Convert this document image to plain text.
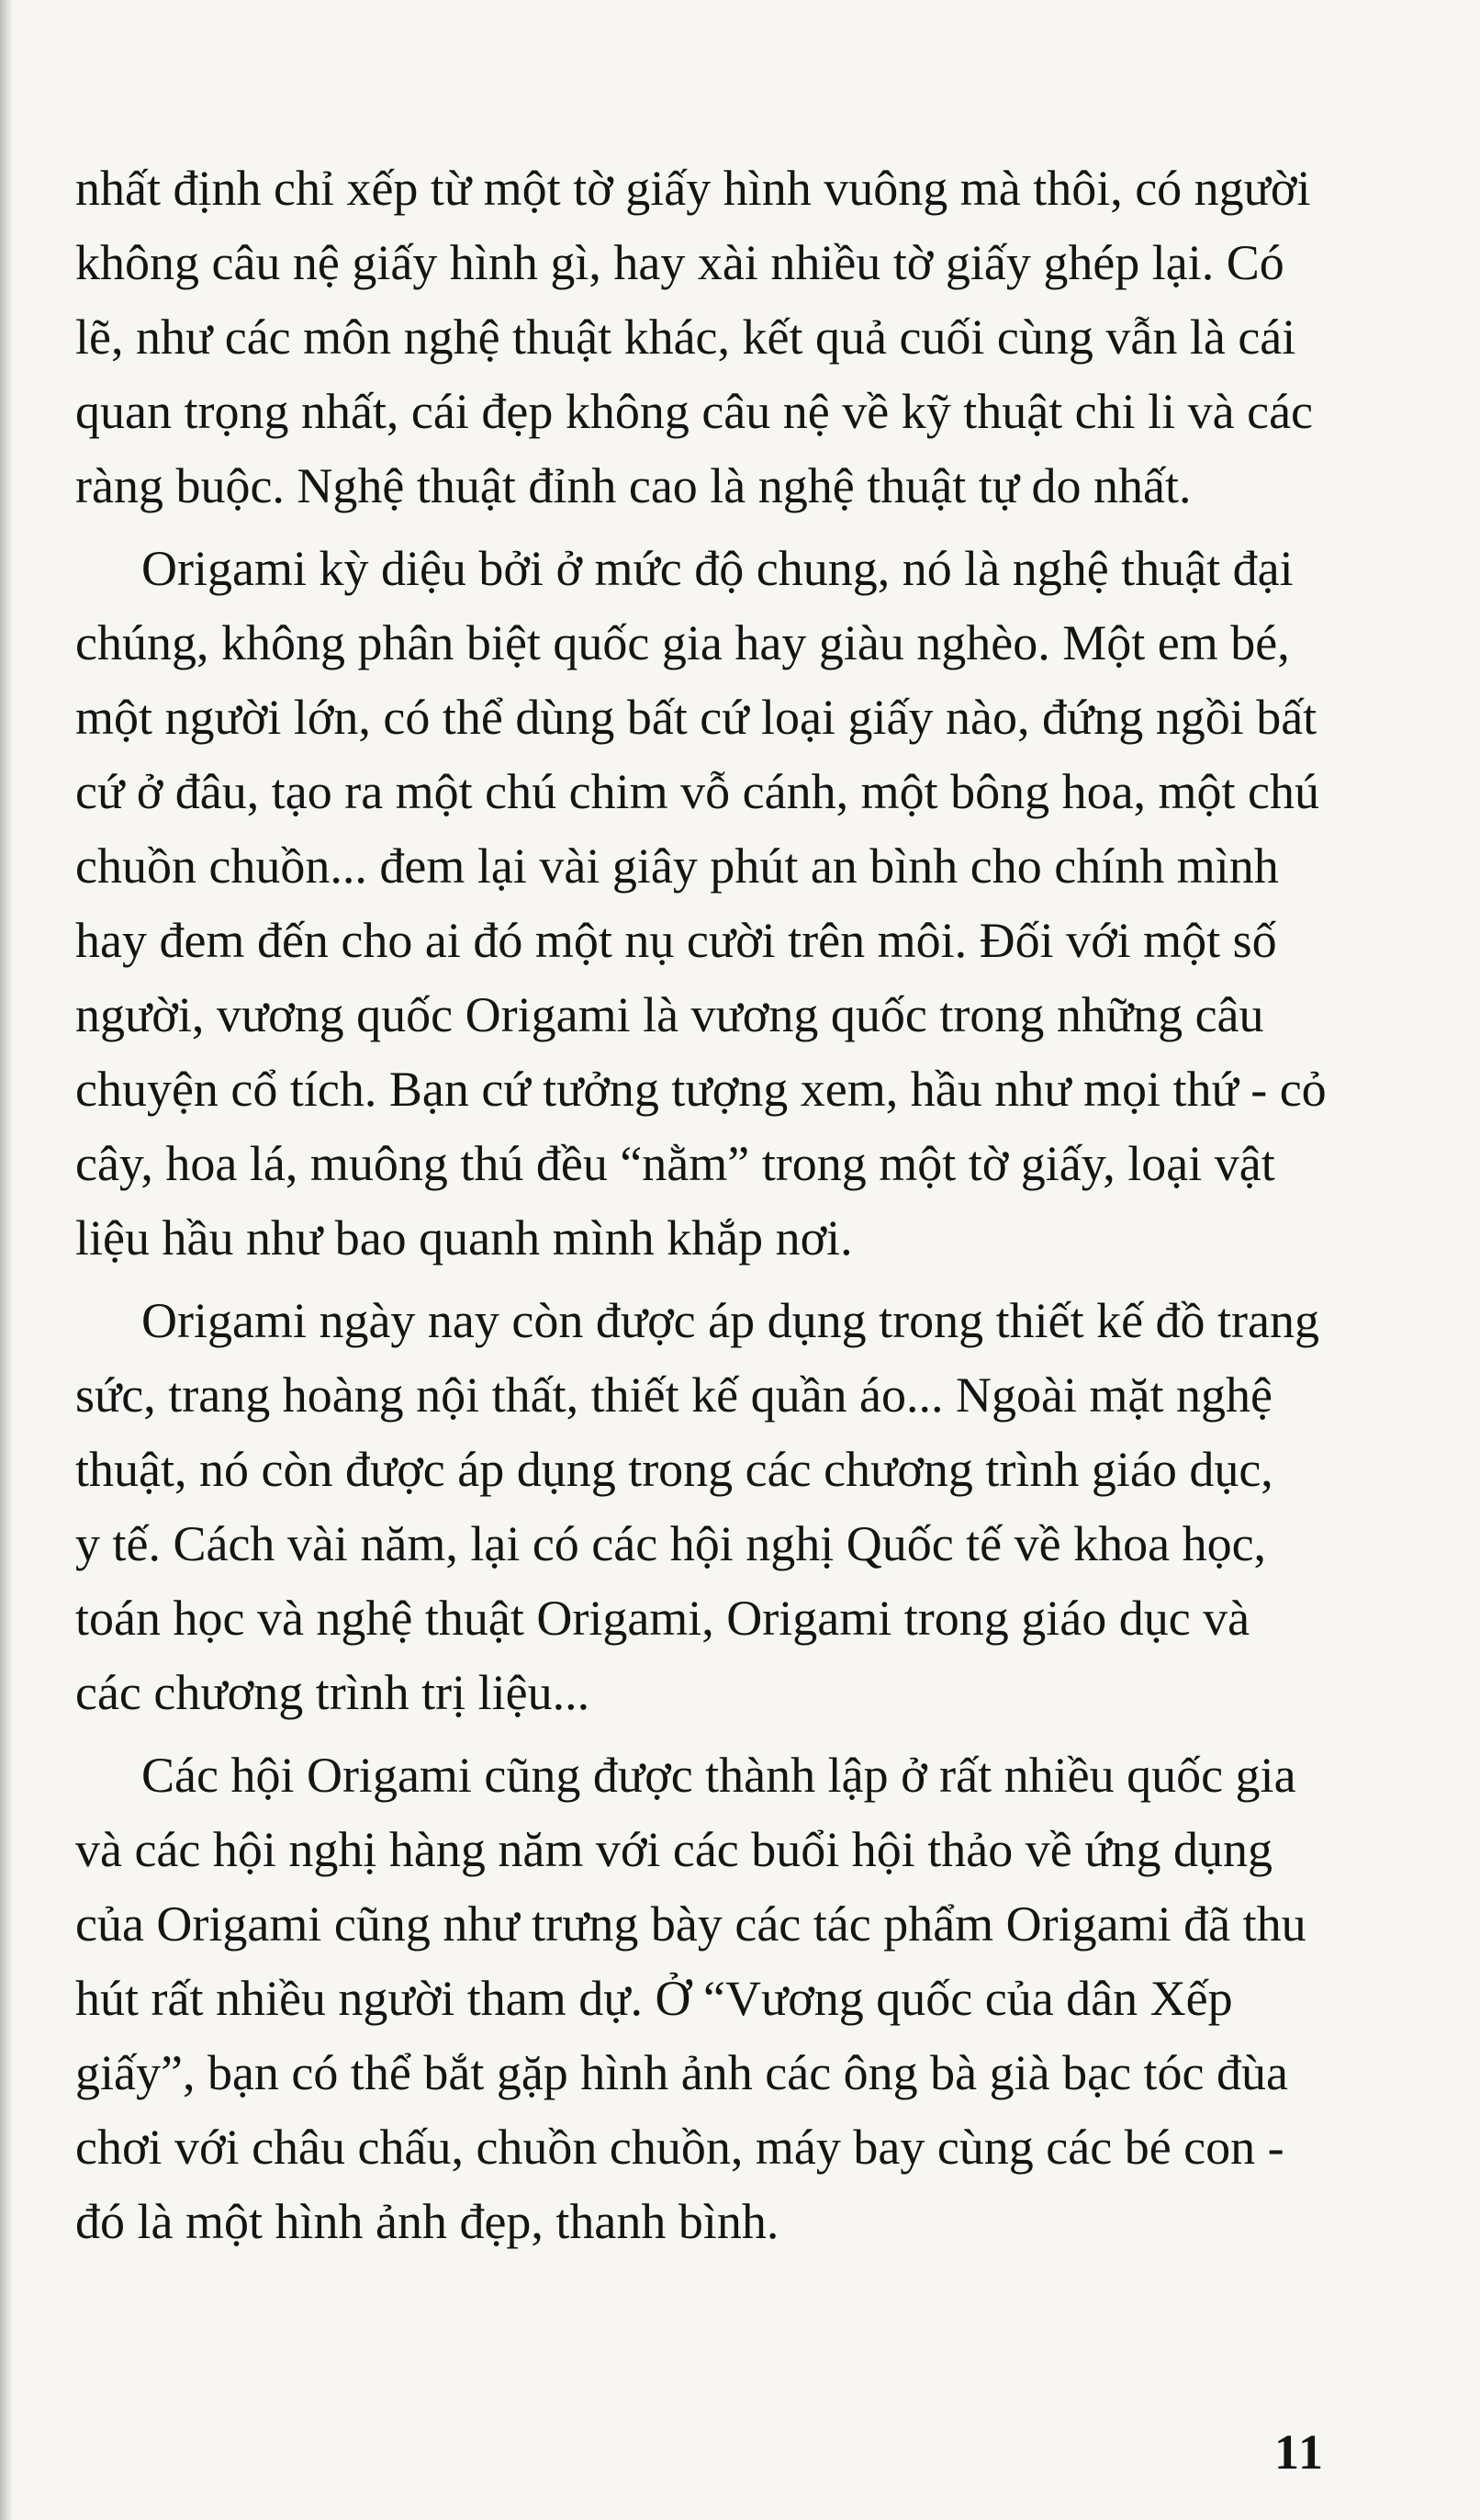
nhất định chỉ xếp từ một tờ giấy hình vuông mà thôi, có người
không câu nệ giấy hình gì, hay xài nhiều tờ giấy ghép lại. Có
lẽ, như các môn nghệ thuật khác, kết quả cuối cùng vẫn là cái
quan trọng nhất, cái đẹp không câu nệ về kỹ thuật chi li và các
ràng buộc. Nghệ thuật đỉnh cao là nghệ thuật tự do nhất.
Origami kỳ diệu bởi ở mức độ chung, nó là nghệ thuật đại
chúng, không phân biệt quốc gia hay giàu nghèo. Một em bé,
một người lớn, có thể dùng bất cứ loại giấy nào, đứng ngồi bất
cứ ở đâu, tạo ra một chú chim vỗ cánh, một bông hoa, một chú
chuồn chuồn... đem lại vài giây phút an bình cho chính mình
hay đem đến cho ai đó một nụ cười trên môi. Đối với một số
người, vương quốc Origami là vương quốc trong những câu
chuyện cổ tích. Bạn cứ tưởng tượng xem, hầu như mọi thứ - cỏ
cây, hoa lá, muông thú đều “nằm” trong một tờ giấy, loại vật
liệu hầu như bao quanh mình khắp nơi.
Origami ngày nay còn được áp dụng trong thiết kế đồ trang
sức, trang hoàng nội thất, thiết kế quần áo... Ngoài mặt nghệ
thuật, nó còn được áp dụng trong các chương trình giáo dục,
y tế. Cách vài năm, lại có các hội nghị Quốc tế về khoa học,
toán học và nghệ thuật Origami, Origami trong giáo dục và
các chương trình trị liệu...
Các hội Origami cũng được thành lập ở rất nhiều quốc gia
và các hội nghị hàng năm với các buổi hội thảo về ứng dụng
của Origami cũng như trưng bày các tác phẩm Origami đã thu
hút rất nhiều người tham dự. Ở “Vương quốc của dân Xếp
giấy”, bạn có thể bắt gặp hình ảnh các ông bà già bạc tóc đùa
chơi với châu chấu, chuồn chuồn, máy bay cùng các bé con -
đó là một hình ảnh đẹp, thanh bình.
11
